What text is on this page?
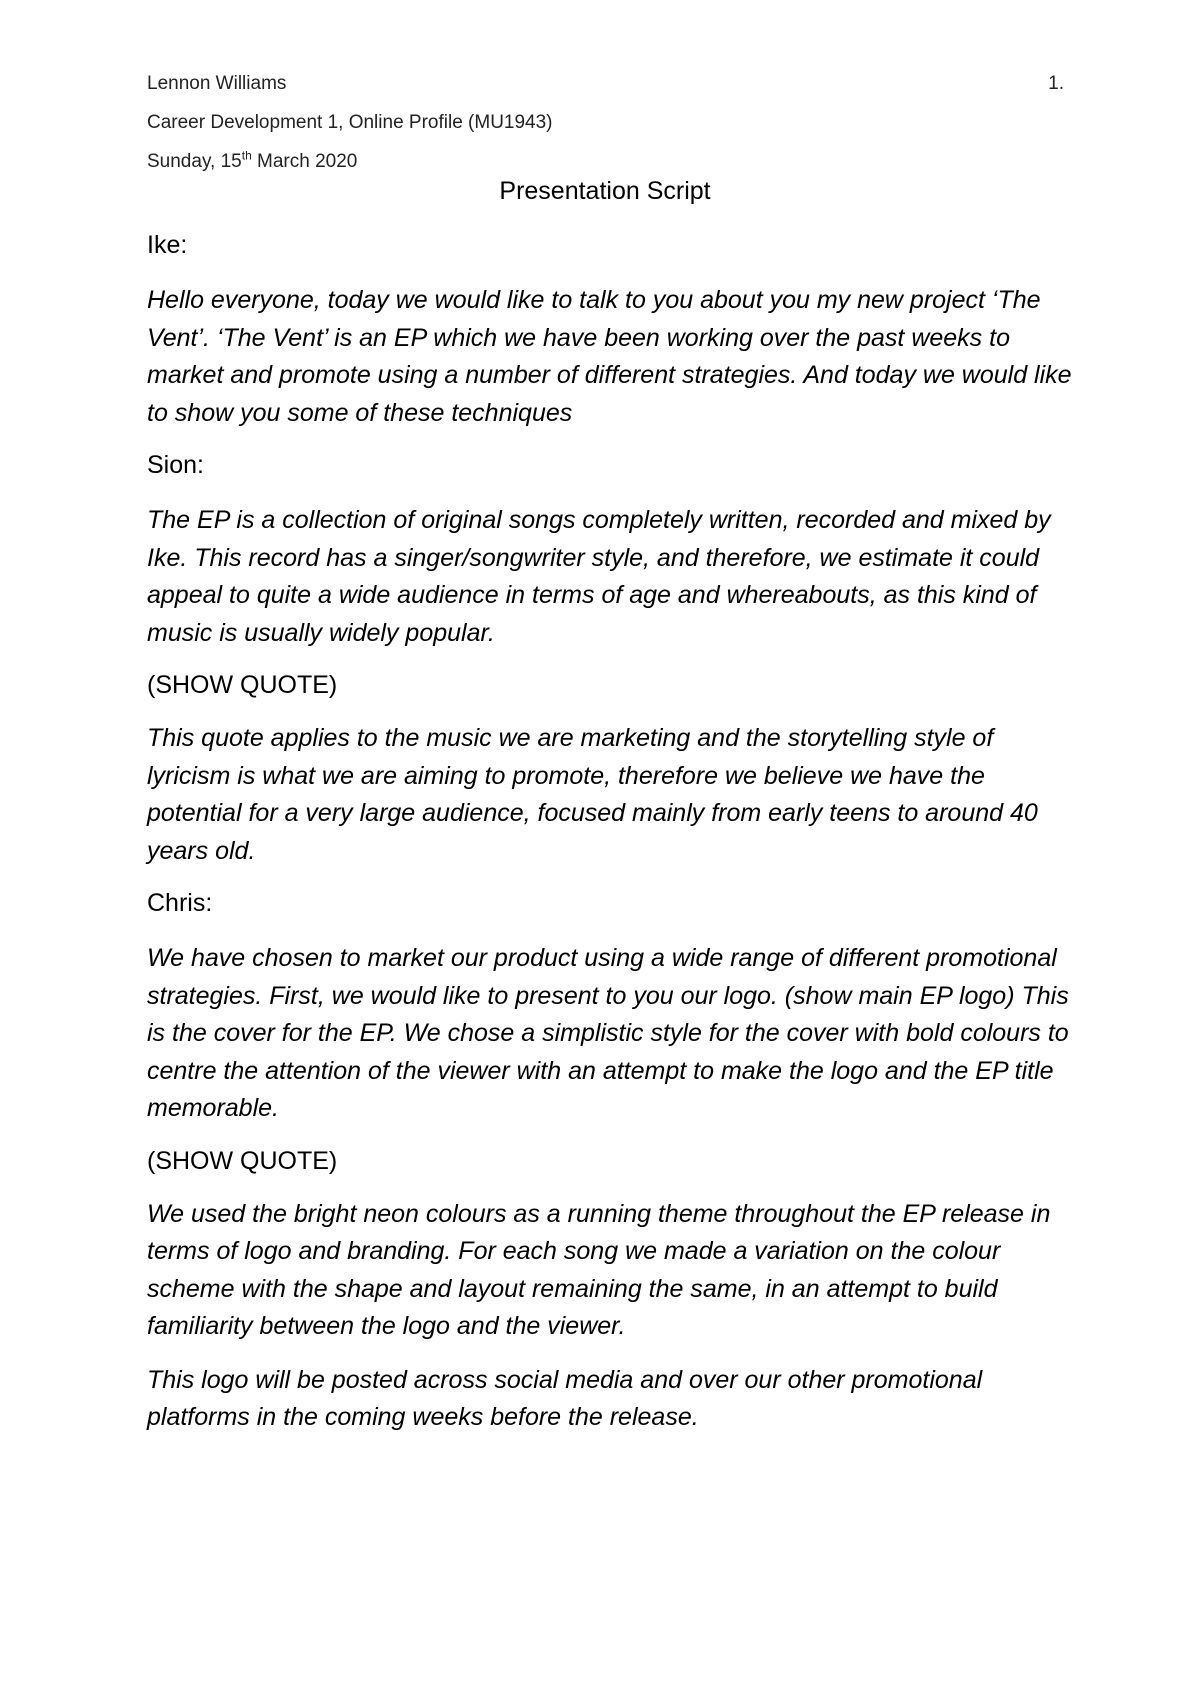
Lennon Williams	1.
Career Development 1, Online Profile (MU1943)
Sunday, 15th March 2020
Presentation Script

Ike:

Hello everyone, today we would like to talk to you about you my new project ‘The Vent’. ‘The Vent’ is an EP which we have been working over the past weeks to market and promote using a number of different strategies. And today we would like to show you some of these techniques

Sion:

The EP is a collection of original songs completely written, recorded and mixed by Ike. This record has a singer/songwriter style, and therefore, we estimate it could appeal to quite a wide audience in terms of age and whereabouts, as this kind of music is usually widely popular.

(SHOW QUOTE)

This quote applies to the music we are marketing and the storytelling style of lyricism is what we are aiming to promote, therefore we believe we have the potential for a very large audience, focused mainly from early teens to around 40 years old.

Chris:

We have chosen to market our product using a wide range of different promotional strategies. First, we would like to present to you our logo. (show main EP logo) This is the cover for the EP. We chose a simplistic style for the cover with bold colours to centre the attention of the viewer with an attempt to make the logo and the EP title memorable.

(SHOW QUOTE)

We used the bright neon colours as a running theme throughout the EP release in terms of logo and branding. For each song we made a variation on the colour scheme with the shape and layout remaining the same, in an attempt to build familiarity between the logo and the viewer.

This logo will be posted across social media and over our other promotional platforms in the coming weeks before the release.
